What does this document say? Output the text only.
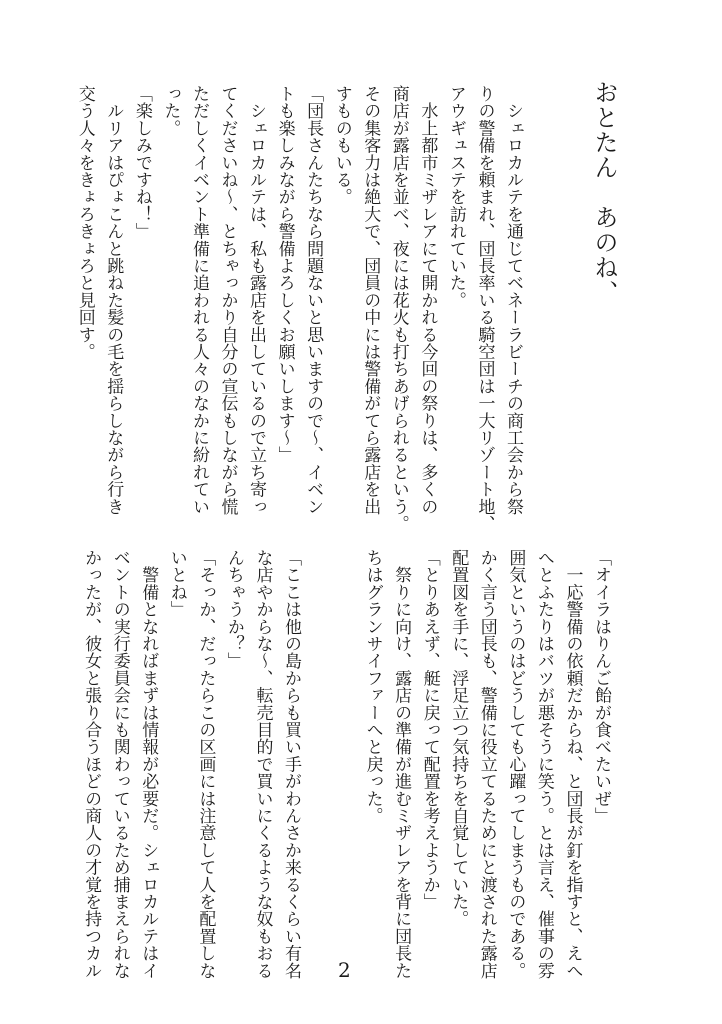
おとたん　あのね、
　シェロカルテを通じてベネーラビーチの商工会から祭
りの警備を頼まれ、団長率いる騎空団は一大リゾート地、
アウギュステを訪れていた。
　水上都市ミザレアにて開かれる今回の祭りは、多くの
商店が露店を並べ、夜には花火も打ちあげられるという。
その集客力は絶大で、団員の中には警備がてら露店を出
すものもいる。
「団長さんたちなら問題ないと思いますので～、イベン
トも楽しみながら警備よろしくお願いします～」
　シェロカルテは、私も露店を出しているので立ち寄っ
てくださいね～、とちゃっかり自分の宣伝もしながら慌
ただしくイベント準備に追われる人々のなかに紛れてい
った。
「楽しみですね！」
　ルリアはぴょこんと跳ねた髪の毛を揺らしながら行き
交う人々をきょろきょろと見回す。
「オイラはりんご飴が食べたいぜ」
　一応警備の依頼だからね、と団長が釘を指すと、えへ
へとふたりはバツが悪そうに笑う。とは言え、催事の雰
囲気というのはどうしても心躍ってしまうものである。
かく言う団長も、警備に役立てるためにと渡された露店
配置図を手に、浮足立つ気持ちを自覚していた。
「とりあえず、艇に戻って配置を考えようか」
　祭りに向け、露店の準備が進むミザレアを背に団長た
ちはグランサイファーへと戻った。
「ここは他の島からも買い手がわんさか来るくらい有名
な店やからな～、転売目的で買いにくるような奴もおる
んちゃうか？」
「そっか、だったらこの区画には注意して人を配置しな
いとね」
　警備となればまずは情報が必要だ。シェロカルテはイ
ベントの実行委員会にも関わっているため捕まえられな
かったが、彼女と張り合うほどの商人の才覚を持つカル	2
